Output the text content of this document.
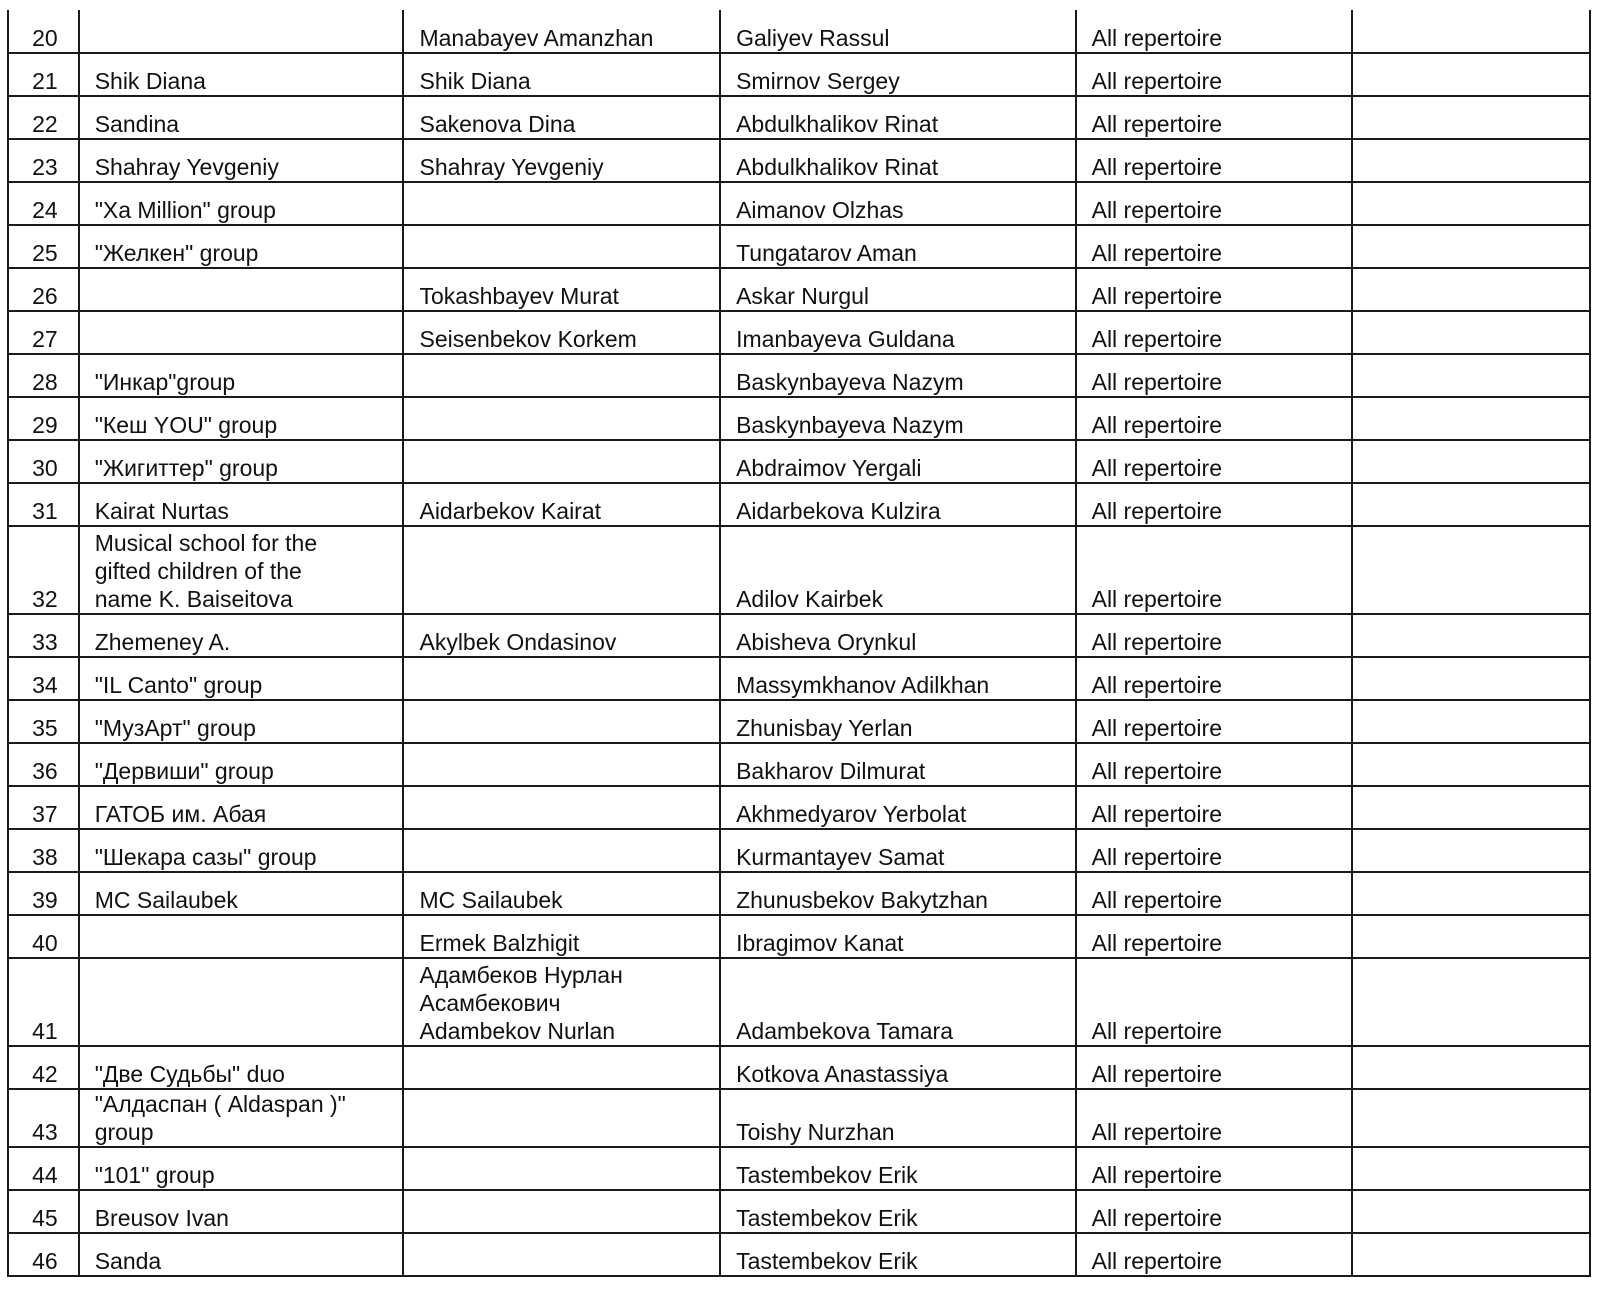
20		Manabayev Amanzhan	Galiyev Rassul	All repertoire	
21	Shik Diana	Shik Diana	Smirnov Sergey	All repertoire	
22	Sandina	Sakenova Dina	Abdulkhalikov Rinat	All repertoire	
23	Shahray Yevgeniy	Shahray Yevgeniy	Abdulkhalikov Rinat	All repertoire	
24	"Xa Million" group		Aimanov Olzhas	All repertoire	
25	"Желкен" group		Tungatarov Aman	All repertoire	
26		Tokashbayev Murat	Askar Nurgul	All repertoire	
27		Seisenbekov Korkem	Imanbayeva Guldana	All repertoire	
28	"Инкар"group		Baskynbayeva Nazym	All repertoire	
29	"Кеш YOU" group		Baskynbayeva Nazym	All repertoire	
30	"Жигиттер" group		Abdraimov Yergali	All repertoire	
31	Kairat Nurtas	Aidarbekov Kairat	Aidarbekova Kulzira	All repertoire	
32	Musical school for the
gifted children of the
name K. Baiseitova		Adilov Kairbek	All repertoire	
33	Zhemeney A.	Akylbek Ondasinov	Abisheva Orynkul	All repertoire	
34	"IL Canto" group		Massymkhanov Adilkhan	All repertoire	
35	"МузАрт" group		Zhunisbay Yerlan	All repertoire	
36	"Дервиши" group		Bakharov Dilmurat	All repertoire	
37	ГАТОБ им. Абая		Akhmedyarov Yerbolat	All repertoire	
38	"Шекара сазы" group		Kurmantayev Samat	All repertoire	
39	MC Sailaubek	MC Sailaubek	Zhunusbekov Bakytzhan	All repertoire	
40		Ermek Balzhigit	Ibragimov Kanat	All repertoire	
41		Адамбеков Нурлан
Асамбекович
Adambekov Nurlan	Adambekova Tamara	All repertoire	
42	"Две Судьбы" duo		Kotkova Anastassiya	All repertoire	
43	"Алдаспан ( Aldaspan )"
group		Toishy Nurzhan	All repertoire	
44	"101" group		Tastembekov Erik	All repertoire	
45	Breusov Ivan		Tastembekov Erik	All repertoire	
46	Sanda		Tastembekov Erik	All repertoire	
